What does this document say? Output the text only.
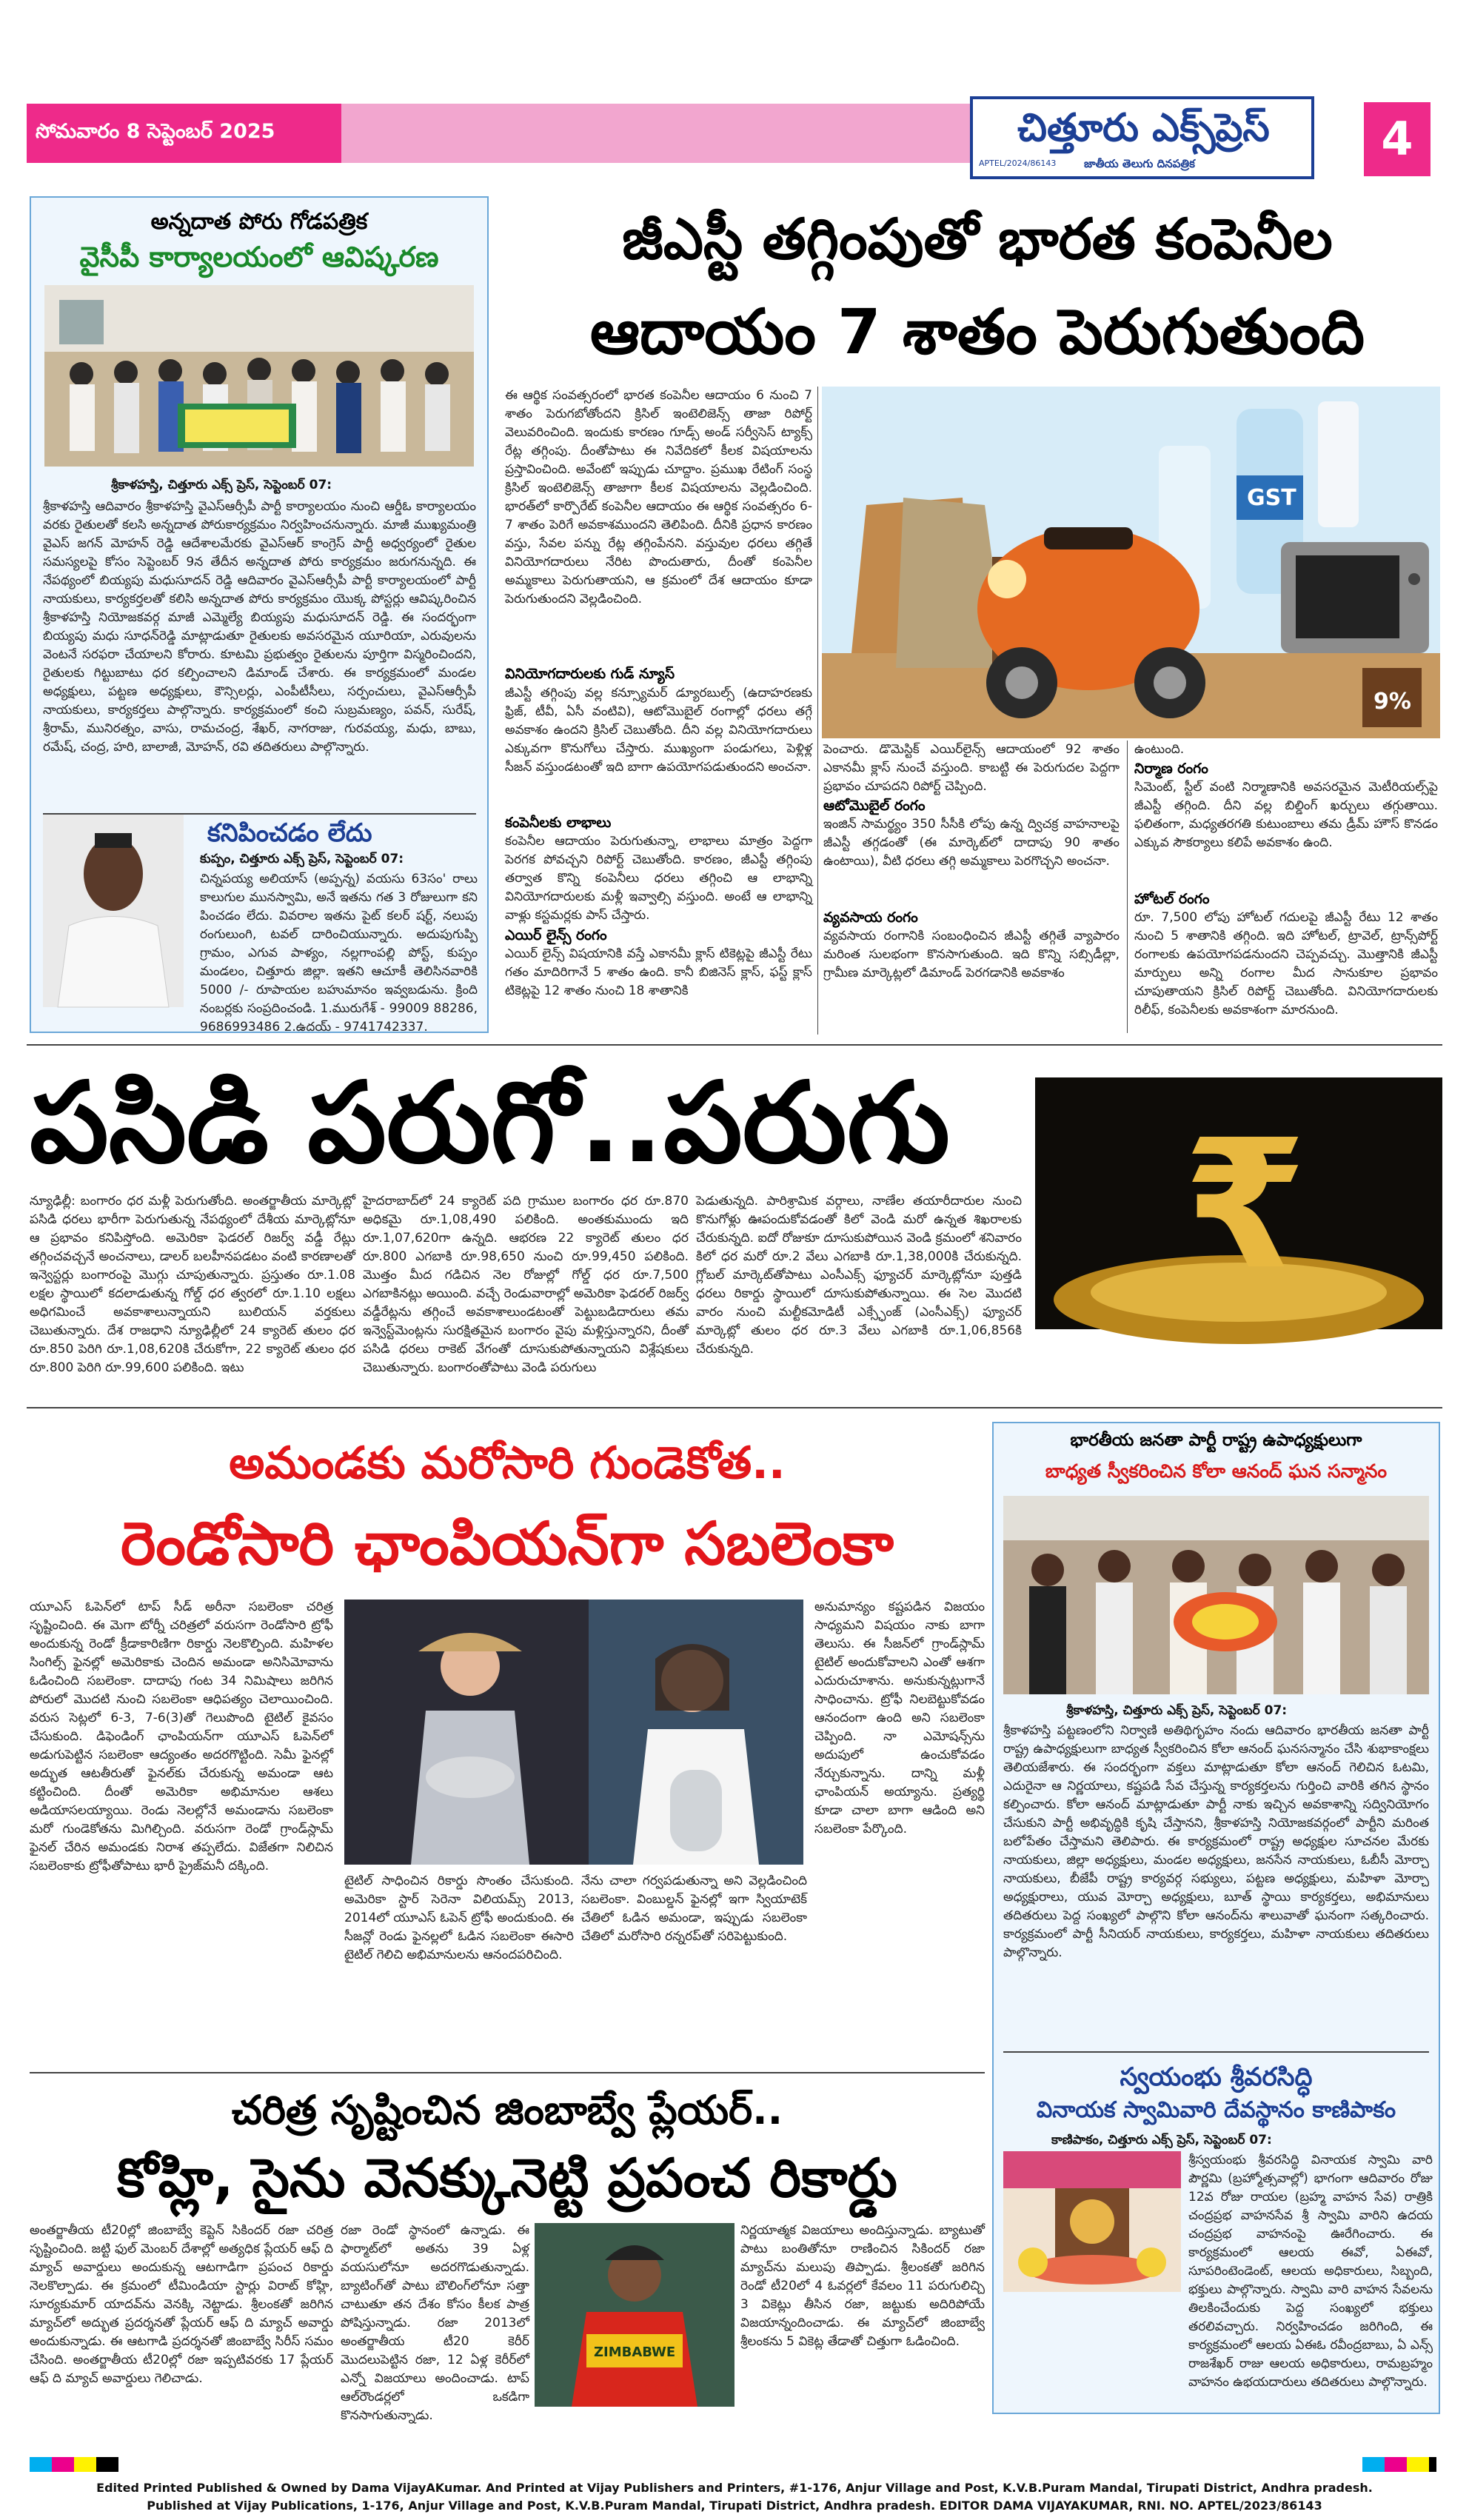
సోమవారం 8 సెప్టెంబర్ 2025	చిత్తూరు ఎక్స్‌ప్రెస్
APTEL/2024/86143	జాతీయ తెలుగు దినపత్రిక	4
అన్నదాత పోరు గోడపత్రిక
వైసీపీ కార్యాలయంలో ఆవిష్కరణ
శ్రీకాళహస్తి, చిత్తూరు ఎక్స్ ప్రెస్, సెప్టెంబర్ 07:
శ్రీకాళహస్తి ఆదివారం శ్రీకాళహస్తి వైఎస్ఆర్సీపీ పార్టీ కార్యాలయం నుంచి ఆర్డీఓ కార్యాలయం వరకు రైతులతో కలసి అన్నదాత పోరుకార్యక్రమం నిర్వహించనున్నారు. మాజీ ముఖ్యమంత్రి వైఎస్ జగన్ మోహన్ రెడ్డి ఆదేశాలమేరకు వైఎస్ఆర్ కాంగ్రెస్ పార్టీ అధ్వర్యంలో రైతుల సమస్యలపై కోసం సెప్టెంబర్ 9న తేదీన అన్నదాత పోరు కార్యక్రమం జరుగనున్నది. ఈ నేపథ్యంలో బియ్యపు మధుసూదన్ రెడ్డి ఆదివారం వైఎస్ఆర్సీపీ పార్టీ కార్యాలయంలో పార్టీ నాయకులు, కార్యకర్తలతో కలిసి అన్నదాత పోరు కార్యక్రమం యొక్క పోస్టర్లు ఆవిష్కరించిన శ్రీకాళహస్తి నియోజకవర్గ మాజీ ఎమ్మెల్యే బియ్యపు మధుసూదన్ రెడ్డి. ఈ సందర్భంగా బియ్యపు మధు సూధన్‌రెడ్డి మాట్లాడుతూ రైతులకు అవసరమైన యూరియా, ఎరువులను వెంటనే సరఫరా చేయాలని కోరారు. కూటమి ప్రభుత్వం రైతులను పూర్తిగా విస్మరించిందని, రైతులకు గిట్టుబాటు ధర కల్పించాలని డిమాండ్ చేశారు. ఈ కార్యక్రమంలో మండల అధ్యక్షులు, పట్టణ అధ్యక్షులు, కౌన్సిలర్లు, ఎంపీటీసీలు, సర్పంచులు, వైఎస్ఆర్సీపీ నాయకులు, కార్యకర్తలు పాల్గొన్నారు. కార్యక్రమంలో కంచి సుబ్రమణ్యం, పవన్, సురేష్, శ్రీరామ్, మునిరత్నం, వాసు, రామచంద్ర, శేఖర్, నాగరాజు, గురవయ్య, మధు, బాబు, రమేష్, చంద్ర, హరి, బాలాజీ, మోహన్, రవి తదితరులు పాల్గొన్నారు.
కనిపించడం లేదు
కుప్పం, చిత్తూరు ఎక్స్ ప్రెస్, సెప్టెంబర్ 07:
చిన్నపయ్య అలియాస్ (అప్పన్న) వయసు 63సం' రాలు కాలుగుల మునస్వామి, అనే ఇతను గత 3 రోజులుగా కని పించడం లేదు. వివరాల ఇతను పైట్ కలర్ షర్ట్, నలుపు రంగులుంగి, టవల్ దారించియున్నారు. అదుపుగుప్పి గ్రామం, ఎగువ పాళ్యం, నల్లగాంపల్లి పోస్ట్, కుప్పం మండలం, చిత్తూరు జిల్లా. ఇతని ఆచూకీ తెలిసినవారికి 5000 /- రూపాయల బహుమానం ఇవ్వబడును. క్రింది నంబర్లకు సంప్రదించండి. 1.మురుగేశ్ - 99009 88286, 9686993486 2.ఉదయ్ - 9741742337.
జీఎస్టీ తగ్గింపుతో భారత కంపెనీల
ఆదాయం 7 శాతం పెరుగుతుంది
ఈ ఆర్థిక సంవత్సరంలో భారత కంపెనీల ఆదాయం 6 నుంచి 7 శాతం పెరుగబోతోందని క్రిసిల్ ఇంటెలిజెన్స్ తాజా రిపోర్ట్ వెలువరించింది. ఇందుకు కారణం గూడ్స్ అండ్ సర్వీసెస్ ట్యాక్స్ రేట్ల తగ్గింపు. దీంతోపాటు ఈ నివేదికలో కీలక విషయాలను ప్రస్తావించింది. అవేంటో ఇప్పుడు చూద్దాం. ప్రముఖ రేటింగ్ సంస్థ క్రిసిల్ ఇంటెలిజెన్స్ తాజాగా కీలక విషయాలను వెల్లడించింది. భారత్‌లో కార్పొరేట్ కంపెనీల ఆదాయం ఈ ఆర్థిక సంవత్సరం 6-7 శాతం పెరిగే అవకాశముందని తెలిపింది. దీనికి ప్రధాన కారణం వస్తు, సేవల పన్ను రేట్ల తగ్గింపేనని. వస్తువుల ధరలు తగ్గితే వినియోగదారులు నేరిట పొందుతారు, దీంతో కంపెనీల అమ్మకాలు పెరుగుతాయని, ఆ క్రమంలో దేశ ఆదాయం కూడా పెరుగుతుందని వెల్లడించింది.
వినియోగదారులకు గుడ్ న్యూస్
జీఎస్టీ తగ్గింపు వల్ల కన్స్యూమర్ డ్యూరబుల్స్ (ఉదాహరణకు ఫ్రిజ్, టీవీ, ఏసీ వంటివి), ఆటోమొబైల్ రంగాల్లో ధరలు తగ్గే అవకాశం ఉందని క్రిసిల్ చెబుతోంది. దీని వల్ల వినియోగదారులు ఎక్కువగా కొనుగోలు చేస్తారు. ముఖ్యంగా పండుగలు, పెళ్లిళ్ల సీజన్ వస్తుండటంతో ఇది బాగా ఉపయోగపడుతుందని అంచనా.
కంపెనీలకు లాభాలు
కంపెనీల ఆదాయం పెరుగుతున్నా, లాభాలు మాత్రం పెద్దగా పెరగక పోవచ్చని రిపోర్ట్ చెబుతోంది. కారణం, జీఎస్టీ తగ్గింపు తర్వాత కొన్ని కంపెనీలు ధరలు తగ్గించి ఆ లాభాన్ని వినియోగదారులకు మళ్లీ ఇవ్వాల్సి వస్తుంది. అంటే ఆ లాభాన్ని వాళ్లు కస్టమర్లకు పాస్ చేస్తారు.
ఎయిర్ లైన్స్ రంగం
ఎయిర్ లైన్స్ విషయానికి వస్తే ఎకానమీ క్లాస్ టికెట్లపై జీఎస్టీ రేటు గతం మాదిరిగానే 5 శాతం ఉంది. కానీ బిజినెస్ క్లాస్, ఫస్ట్ క్లాస్ టికెట్లపై 12 శాతం నుంచి 18 శాతానికి
GST
9%
పెంచారు. డొమెస్టిక్ ఎయిర్‌లైన్స్ ఆదాయంలో 92 శాతం ఎకానమీ క్లాస్ నుంచే వస్తుంది. కాబట్టి ఈ పెరుగుదల పెద్దగా ప్రభావం చూపదని రిపోర్ట్ చెప్పింది.
ఆటోమొబైల్ రంగం
ఇంజిన్ సామర్థ్యం 350 సీసీకి లోపు ఉన్న ద్విచక్ర వాహనాలపై జీఎస్టీ తగ్గడంతో (ఈ మార్కెట్‌లో దాదాపు 90 శాతం ఉంటాయి), వీటి ధరలు తగ్గి అమ్మకాలు పెరగొచ్చని అంచనా.
వ్యవసాయ రంగం
వ్యవసాయ రంగానికి సంబంధించిన జీఎస్టీ తగ్గితే వ్యాపారం మరింత సులభంగా కొనసాగుతుంది. ఇది కొన్ని సబ్సిడీల్లా, గ్రామీణ మార్కెట్లలో డిమాండ్ పెరగడానికి అవకాశం
ఉంటుంది.
నిర్మాణ రంగం
సిమెంట్, స్టీల్ వంటి నిర్మాణానికి అవసరమైన మెటీరియల్స్‌పై జీఎస్టీ తగ్గింది. దీని వల్ల బిల్డింగ్ ఖర్చులు తగ్గుతాయి. ఫలితంగా, మధ్యతరగతి కుటుంబాలు తమ డ్రీమ్ హౌస్ కొనడం ఎక్కువ సౌకర్యాలు కలిపే అవకాశం ఉంది.
హోటల్ రంగం
రూ. 7,500 లోపు హోటల్ గదులపై జీఎస్టీ రేటు 12 శాతం నుంచి 5 శాతానికి తగ్గింది. ఇది హోటల్, ట్రావెల్, ట్రాన్స్‌పోర్ట్ రంగాలకు ఉపయోగపడనుందని చెప్పవచ్చు. మొత్తానికి జీఎస్టీ మార్పులు అన్ని రంగాల మీద సానుకూల ప్రభావం చూపుతాయని క్రిసిల్ రిపోర్ట్ చెబుతోంది. వినియోగదారులకు రిలీఫ్, కంపెనీలకు అవకాశంగా మారనుంది.
పసిడి పరుగో..పరుగు	₹
న్యూఢిల్లీ: బంగారం ధర మళ్లీ పెరుగుతోంది. అంతర్జాతీయ మార్కెట్లో పసిడి ధరలు భారీగా పెరుగుతున్న నేపథ్యంలో దేశీయ మార్కెట్లోనూ ఆ ప్రభావం కనిపిస్తోంది. అమెరికా ఫెడరల్ రిజర్వ్ వడ్డీ రేట్లు తగ్గించవచ్చనే అంచనాలు, డాలర్ బలహీనపడటం వంటి కారణాలతో ఇన్వెస్టర్లు బంగారంపై మొగ్గు చూపుతున్నారు. ప్రస్తుతం రూ.1.08 లక్షల స్థాయిలో కదలాడుతున్న గోల్డ్ ధర త్వరలో రూ.1.10 లక్షలు అధిగమించే అవకాశాలున్నాయని బులియన్ వర్తకులు చెబుతున్నారు. దేశ రాజధాని న్యూఢిల్లీలో 24 క్యారెట్ తులం ధర రూ.850 పెరిగి రూ.1,08,620కి చేరుకోగా, 22 క్యారెట్ తులం ధర రూ.800 పెరిగి రూ.99,600 పలికింది. ఇటు
హైదరాబాద్‌లో 24 క్యారెట్ పది గ్రాముల బంగారం ధర రూ.870 అధికమై రూ.1,08,490 పలికింది. అంతకుముందు ఇది రూ.1,07,620గా ఉన్నది. ఆభరణ 22 క్యారెట్ తులం ధర రూ.800 ఎగబాకి రూ.98,650 నుంచి రూ.99,450 పలికింది. మొత్తం మీద గడిచిన నెల రోజుల్లో గోల్డ్ ధర రూ.7,500 ఎగబాకినట్లు అయింది. వచ్చే రెండువారాల్లో అమెరికా ఫెడరల్ రిజర్వ్ వడ్డీరేట్లను తగ్గించే అవకాశాలుండటంతో పెట్టుబడిదారులు తమ ఇన్వెస్ట్‌మెంట్లను సురక్షితమైన బంగారం వైపు మళ్లిస్తున్నారని, దీంతో పసిడి ధరలు రాకెట్ వేగంతో దూసుకుపోతున్నాయని విశ్లేషకులు చెబుతున్నారు. బంగారంతోపాటు వెండి పరుగులు
పెడుతున్నది. పారిశ్రామిక వర్గాలు, నాణేల తయారీదారుల నుంచి కొనుగోళ్లు ఊపందుకోవడంతో కిలో వెండి మరో ఉన్నత శిఖరాలకు చేరుకున్నది. ఐదో రోజుకూ దూసుకుపోయిన వెండి క్రమంలో శనివారం కిలో ధర మరో రూ.2 వేలు ఎగబాకి రూ.1,38,000కి చేరుకున్నది. గ్లోబల్ మార్కెట్‌తోపాటు ఎంసీఎక్స్ ఫ్యూచర్ మార్కెట్లోనూ పుత్తడి ధరలు రికార్డు స్థాయిలో దూసుకుపోతున్నాయి. ఈ సెల మొదటి వారం నుంచి మల్టీకమోడిటీ ఎక్స్ఛేంజ్ (ఎంసీఎక్స్) ఫ్యూచర్ మార్కెట్లో తులం ధర రూ.3 వేలు ఎగబాకి రూ.1,06,856కి చేరుకున్నది.
అమండకు మరోసారి గుండెకోత..
రెండోసారి ఛాంపియన్‌గా సబలెంకా
యూఎస్ ఓపెన్‌లో టాప్ సీడ్ అరీనా సబలెంకా చరిత్ర సృష్టించింది. ఈ మెగా టోర్నీ చరిత్రలో వరుసగా రెండోసారి ట్రోఫీ అందుకున్న రెండో క్రీడాకారిణిగా రికార్డు నెలకొల్పింది. మహిళల సింగిల్స్ ఫైనల్లో అమెరికాకు చెందిన అమండా అనిసిమోవాను ఓడించింది సబలెంకా. దాదాపు గంట 34 నిమిషాలు జరిగిన పోరులో మొదటి నుంచి సబలెంకా ఆధిపత్యం చెలాయించింది. వరుస సెట్లలో 6-3, 7-6(3)తో గెలుపొంది టైటిల్ కైవసం చేసుకుంది. డిఫెండింగ్ ఛాంపియన్‌గా యూఎస్ ఓపెన్‌లో అడుగుపెట్టిన సబలెంకా ఆద్యంతం అదరగొట్టింది. సెమీ ఫైనల్లో అద్భుత ఆటతీరుతో ఫైనల్‌కు చేరుకున్న అమండా ఆట కట్టించింది. దీంతో అమెరికా అభిమానుల ఆశలు అడియాసలయ్యాయి. రెండు నెలల్లోనే అమండాను సబలెంకా మరో గుండెకోతను మిగిల్చింది. వరుసగా రెండో గ్రాండ్‌స్లామ్ ఫైనల్ చేరిన అమండకు నిరాశ తప్పలేదు. విజేతగా నిలిచిన సబలెంకాకు ట్రోఫీతోపాటు భారీ ప్రైజ్‌మనీ దక్కింది.
టైటిల్ సాధించిన రికార్డు సొంతం చేసుకుంది. అమెరికా స్టార్ సెరెనా విలియమ్స్ 2013, 2014లో యూఎస్ ఓపెన్ ట్రోఫీ అందుకుంది. ఈ సీజన్లో రెండు ఫైనల్లలో ఓడిన సబలెంకా ఈసారి టైటిల్ గెలిచి అభిమానులను ఆనందపరిచింది.
నేను చాలా గర్వపడుతున్నా అని వెల్లడించింది సబలెంకా. వింబుల్డన్ ఫైనల్లో ఇగా స్వియాటెక్ చేతిలో ఓడిన అమండా, ఇప్పుడు సబలెంకా చేతిలో మరోసారి రన్నరప్‌తో సరిపెట్టుకుంది.
అనుమాన్యం కష్టపడిన విజయం సాధ్యమని విషయం నాకు బాగా తెలుసు. ఈ సీజన్‌లో గ్రాండ్‌స్లామ్ టైటిల్ అందుకోవాలని ఎంతో ఆశగా ఎదురుచూశాను. అనుకున్నట్లుగానే సాధించాను. ట్రోఫీ నిలబెట్టుకోవడం ఆనందంగా ఉంది అని సబలెంకా చెప్పింది. నా ఎమోషన్స్‌ను అదుపులో ఉంచుకోవడం నేర్చుకున్నాను. దాన్ని మళ్లీ ఛాంపియన్ అయ్యాను. ప్రత్యర్థి కూడా చాలా బాగా ఆడింది అని సబలెంకా పేర్కొంది.
చరిత్ర సృష్టించిన జింబాబ్వే ప్లేయర్..
కోహ్లి, సైను వెనక్కునెట్టి ప్రపంచ రికార్డు
అంతర్జాతీయ టీ20ల్లో జింబాబ్వే కెప్టెన్ సికిందర్ రజా చరిత్ర సృష్టించింది. జట్టి ఫుల్ మెంబర్ దేశాల్లో అత్యధిక ప్లేయర్ ఆఫ్ ది మ్యాచ్ అవార్డులు అందుకున్న ఆటగాడిగా ప్రపంచ రికార్డు నెలకొల్పాడు. ఈ క్రమంలో టీమిండియా స్టార్లు విరాట్ కోహ్లి, సూర్యకుమార్ యాదవ్‌ను వెనక్కి నెట్టాడు. శ్రీలంకతో జరిగిన మ్యాచ్‌లో అద్భుత ప్రదర్శనతో ప్లేయర్ ఆఫ్ ది మ్యాచ్ అవార్డు అందుకున్నాడు. ఈ ఆటగాడి ప్రదర్శనతో జింబాబ్వే సిరీస్ సమం చేసింది. అంతర్జాతీయ టీ20ల్లో రజా ఇప్పటివరకు 17 ప్లేయర్ ఆఫ్ ది మ్యాచ్ అవార్డులు గెలిచాడు.
రజా రెండో స్థానంలో ఉన్నాడు. ఈ ఫార్మాట్‌లో అతను 39 ఏళ్ల వయసులోనూ అదరగొడుతున్నాడు. బ్యాటింగ్‌తో పాటు బౌలింగ్‌లోనూ సత్తా చాటుతూ తన దేశం కోసం కీలక పాత్ర పోషిస్తున్నాడు. రజా 2013లో అంతర్జాతీయ టీ20 కెరీర్ మొదలుపెట్టిన రజా, 12 ఏళ్ల కెరీర్‌లో ఎన్నో విజయాలు అందించాడు. టాప్ ఆల్‌రౌండర్లలో ఒకడిగా కొనసాగుతున్నాడు.
ZIMBABWE
నిర్ణయాత్మక విజయాలు అందిస్తున్నాడు. బ్యాటుతో పాటు బంతితోనూ రాణించిన సికిందర్ రజా మ్యాచ్‌ను మలుపు తిప్పాడు. శ్రీలంకతో జరిగిన రెండో టీ20లో 4 ఓవర్లలో కేవలం 11 పరుగులిచ్చి 3 వికెట్లు తీసిన రజా, జట్టుకు అదిరిపోయే విజయాన్నందించాడు. ఈ మ్యాచ్‌లో జింబాబ్వే శ్రీలంకను 5 వికెట్ల తేడాతో చిత్తుగా ఓడించింది.
భారతీయ జనతా పార్టీ రాష్ట్ర ఉపాధ్యక్షులుగా
బాధ్యత స్వీకరించిన కోలా ఆనంద్ ఘన సన్మానం
శ్రీకాళహస్తి, చిత్తూరు ఎక్స్ ప్రెస్, సెప్టెంబర్ 07:
శ్రీకాళహస్తి పట్టణంలోని నిర్వాణి అతిథిగృహం నందు ఆదివారం భారతీయ జనతా పార్టీ రాష్ట్ర ఉపాధ్యక్షులుగా బాధ్యత స్వీకరించిన కోలా ఆనంద్ ఘనసన్మానం చేసి శుభాకాంక్షలు తెలియజేశారు. ఈ సందర్భంగా వక్తలు మాట్లాడుతూ కోలా ఆనంద్ గెలిచిన ఓటమి, ఎదురైనా ఆ నిర్ణయాలు, కష్టపడి సేవ చేస్తున్న కార్యకర్తలను గుర్తించి వారికి తగిన స్థానం కల్పించారు. కోలా ఆనంద్ మాట్లాడుతూ పార్టీ నాకు ఇచ్చిన అవకాశాన్ని సద్వినియోగం చేసుకుని పార్టీ అభివృద్ధికి కృషి చేస్తానని, శ్రీకాళహస్తి నియోజకవర్గంలో పార్టీని మరింత బలోపేతం చేస్తామని తెలిపారు. ఈ కార్యక్రమంలో రాష్ట్ర అధ్యక్షుల సూచనల మేరకు నాయకులు, జిల్లా అధ్యక్షులు, మండల అధ్యక్షులు, జనసేన నాయకులు, ఓబీసీ మోర్చా నాయకులు, బీజేపీ రాష్ట్ర కార్యవర్గ సభ్యులు, పట్టణ అధ్యక్షులు, మహిళా మోర్చా అధ్యక్షురాలు, యువ మోర్చా అధ్యక్షులు, బూత్ స్థాయి కార్యకర్తలు, అభిమానులు తదితరులు పెద్ద సంఖ్యలో పాల్గొని కోలా ఆనంద్‌ను శాలువాతో ఘనంగా సత్కరించారు. కార్యక్రమంలో పార్టీ సీనియర్ నాయకులు, కార్యకర్తలు, మహిళా నాయకులు తదితరులు పాల్గొన్నారు.
స్వయంభు శ్రీవరసిద్ధి
వినాయక స్వామివారి దేవస్థానం కాణిపాకం
కాణిపాకం, చిత్తూరు ఎక్స్ ప్రెస్, సెప్టెంబర్ 07:
శ్రీస్వయంభు శ్రీవరసిద్ధి వినాయక స్వామి వారి పౌర్ణమి (బ్రహ్మోత్సవాల్లో) భాగంగా ఆదివారం రోజు 12వ రోజు రాయల (బ్రహ్మ వాహన సేవ) రాత్రికి చంద్రప్రభ వాహనసేవ శ్రీ స్వామి వారిని ఉదయ చంద్రప్రభ వాహనంపై ఊరేగించారు. ఈ కార్యక్రమంలో ఆలయ ఈవో, ఏఈవో, సూపరింటెండెంట్, ఆలయ అధికారులు, సిబ్బంది, భక్తులు పాల్గొన్నారు. స్వామి వారి వాహన సేవలను తిలకించేందుకు పెద్ద సంఖ్యలో భక్తులు తరలివచ్చారు. నిర్వహించడం జరిగింది, ఈ కార్యక్రమంలో ఆలయ ఏఈఓ రవీంద్రబాబు, ఏ ఎన్స్ రాజశేఖర్ రాజు ఆలయ అధికారులు, రామబ్రహ్మం వాహనం ఉభయదారులు తదితరులు పాల్గొన్నారు.
Edited Printed Published & Owned by Dama VijayAKumar. And Printed at Vijay Publishers and Printers, #1-176, Anjur Village and Post, K.V.B.Puram Mandal, Tirupati District, Andhra pradesh.
Published at Vijay Publications, 1-176, Anjur Village and Post, K.V.B.Puram Mandal, Tirupati District, Andhra pradesh. EDITOR DAMA VIJAYAKUMAR, RNI. NO. APTEL/2023/86143
